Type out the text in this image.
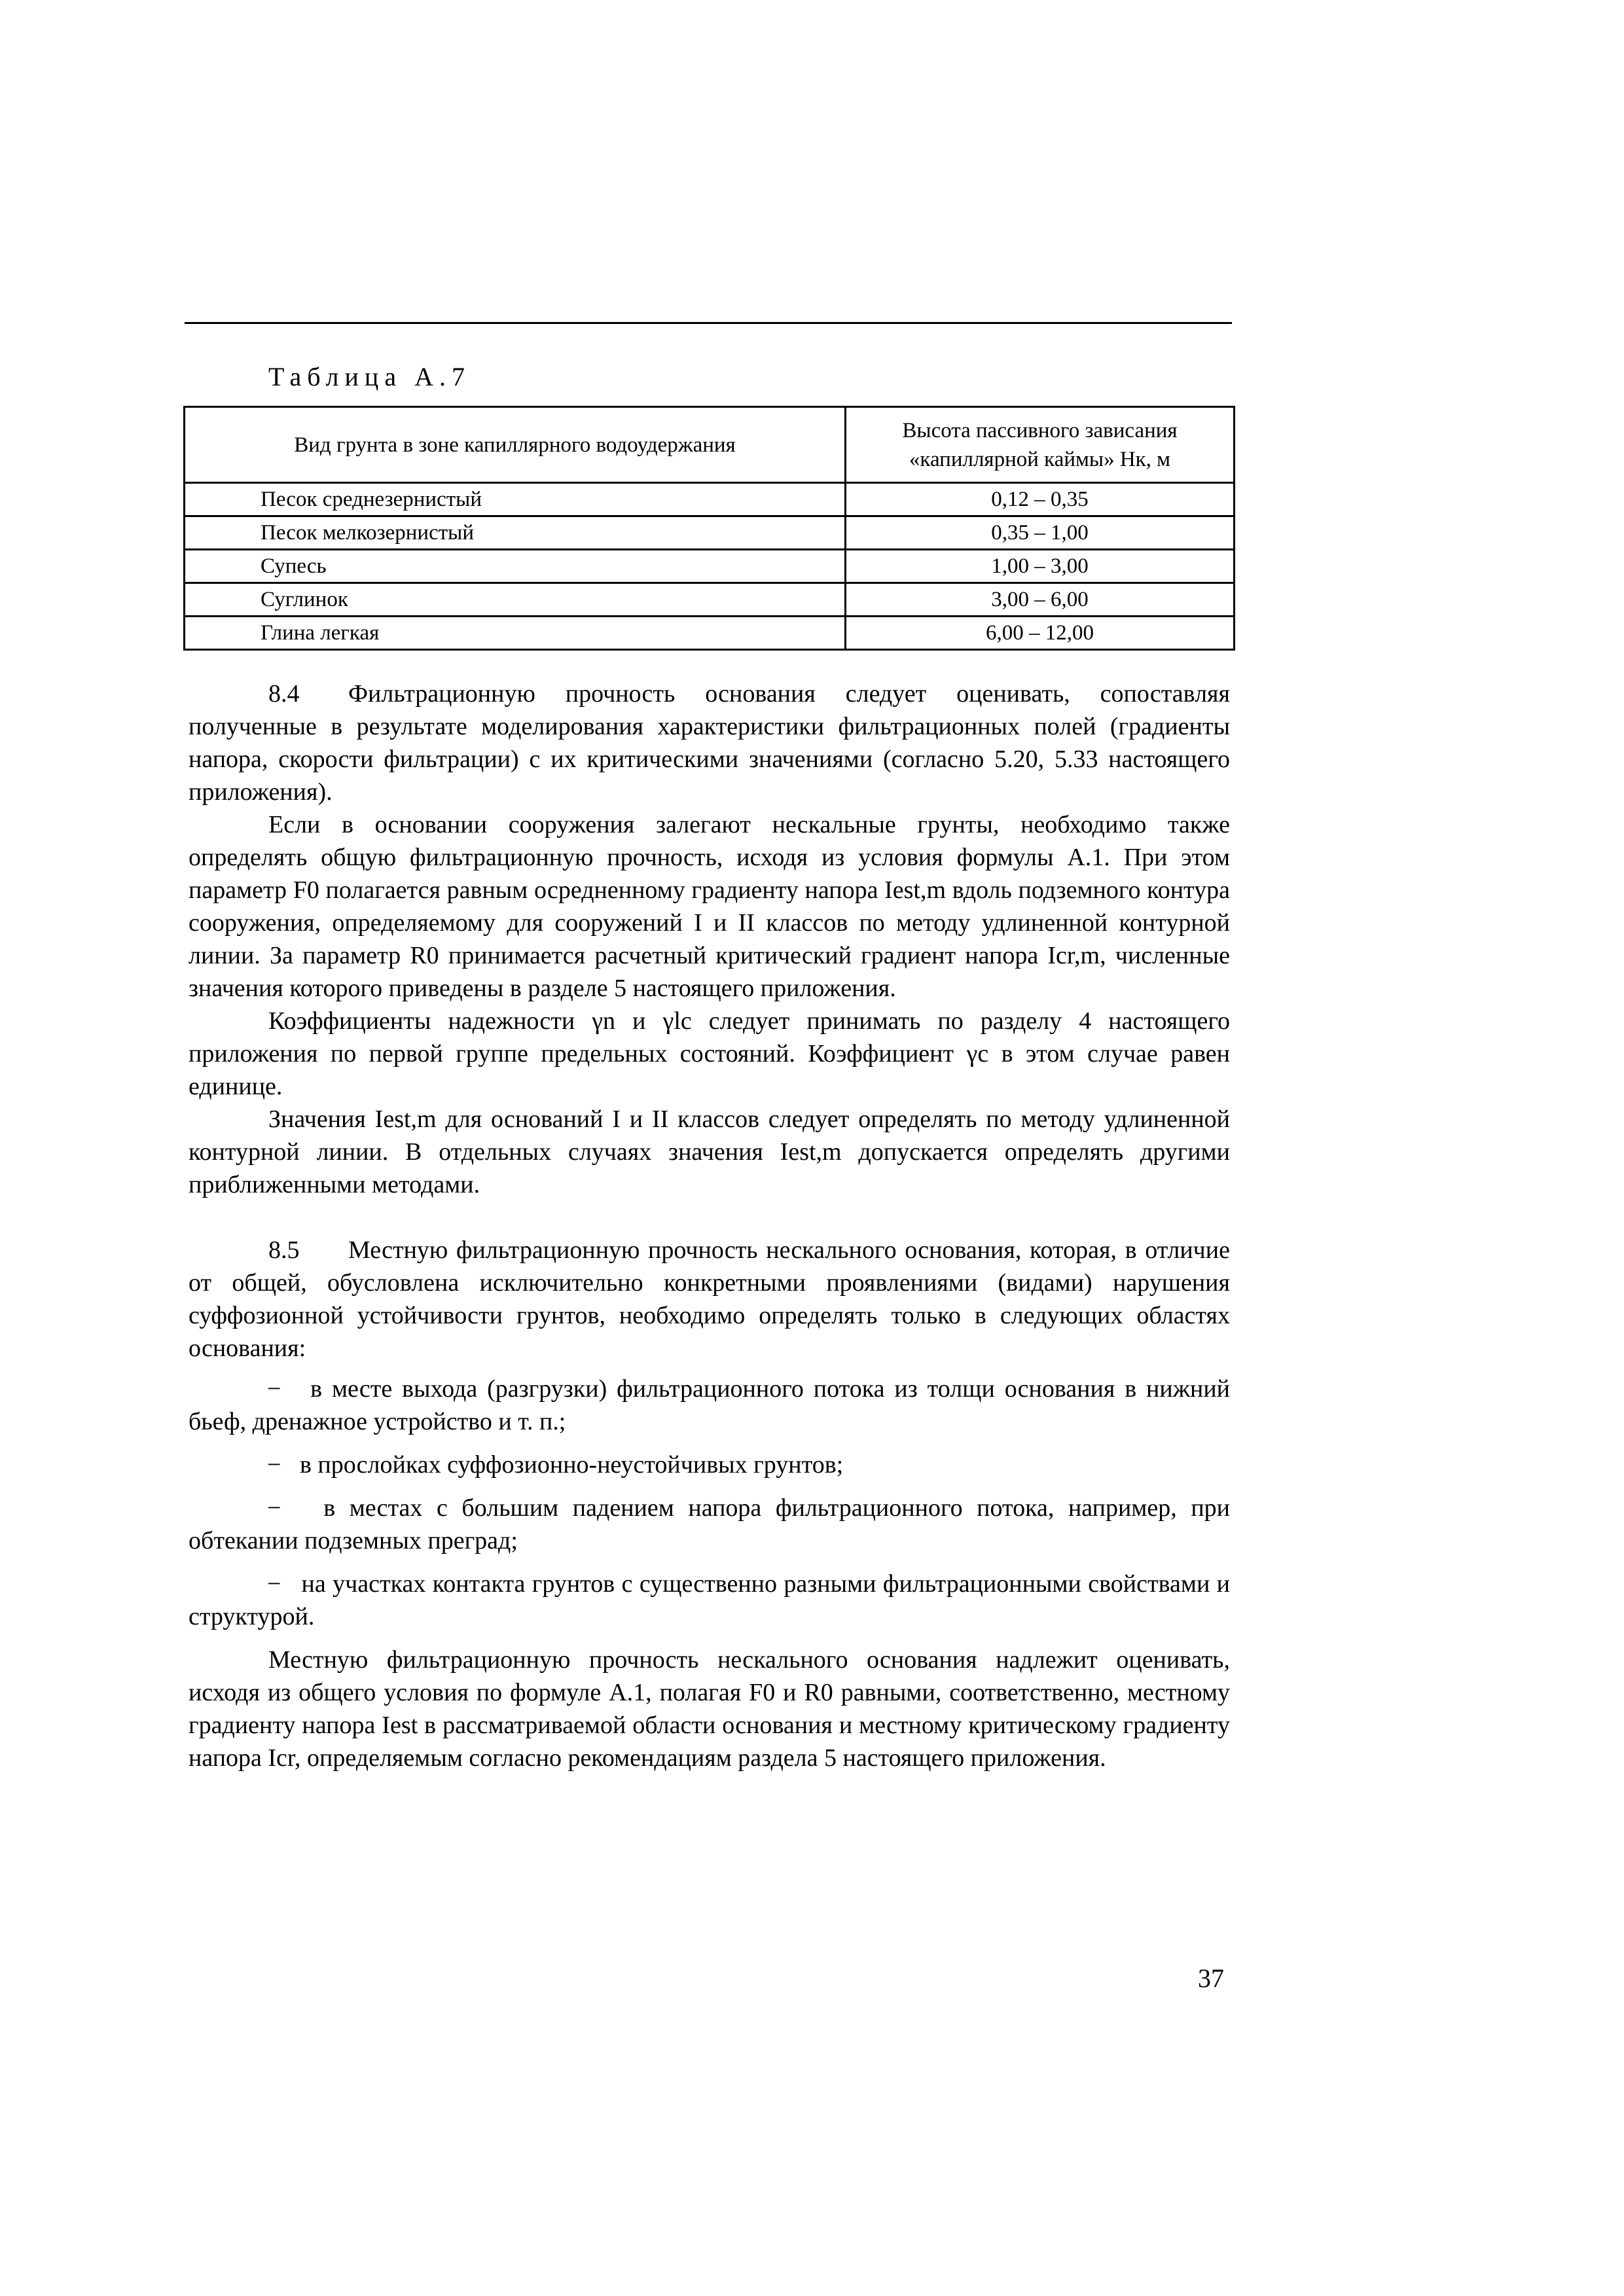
Таблица А.7
Вид грунта в зоне капиллярного водоудержания	Высота пассивного зависания
«капиллярной каймы» Hк, м
Песок среднезернистый	0,12 – 0,35
Песок мелкозернистый	0,35 – 1,00
Супесь	1,00 – 3,00
Суглинок	3,00 – 6,00
Глина легкая	6,00 – 12,00

8.4 Фильтрационную прочность основания следует оценивать, сопоставляя полученные в результате моделирования характеристики фильтрационных полей (градиенты напора, скорости фильтрации) с их критическими значениями (согласно 5.20, 5.33 настоящего приложения).

Если в основании сооружения залегают нескальные грунты, необходимо также определять общую фильтрационную прочность, исходя из условия формулы А.1. При этом параметр F0 полагается равным осредненному градиенту напора Iest,m вдоль подземного контура сооружения, определяемому для сооружений I и II классов по методу удлиненной контурной линии. За параметр R0 принимается расчетный критический градиент напора Icr,m, численные значения которого приведены в разделе 5 настоящего приложения.

Коэффициенты надежности γn и γlc следует принимать по разделу 4 настоящего приложения по первой группе предельных состояний. Коэффициент γc в этом случае равен единице.

Значения Iest,m для оснований I и II классов следует определять по методу удлиненной контурной линии. В отдельных случаях значения Iest,m допускается определять другими приближенными методами.

8.5 Местную фильтрационную прочность нескального основания, которая, в отличие от общей, обусловлена исключительно конкретными проявлениями (видами) нарушения суффозионной устойчивости грунтов, необходимо определять только в следующих областях основания:

−   в месте выхода (разгрузки) фильтрационного потока из толщи основания в нижний бьеф, дренажное устройство и т. п.;
−   в прослойках суффозионно-неустойчивых грунтов;
−   в местах с большим падением напора фильтрационного потока, например, при обтекании подземных преград;
−   на участках контакта грунтов с существенно разными фильтрационными свойствами и структурой.

Местную фильтрационную прочность нескального основания надлежит оценивать, исходя из общего условия по формуле А.1, полагая F0 и R0 равными, соответственно, местному градиенту напора Iest в рассматриваемой области основания и местному критическому градиенту напора Icr, определяемым согласно рекомендациям раздела 5 настоящего приложения.

37
